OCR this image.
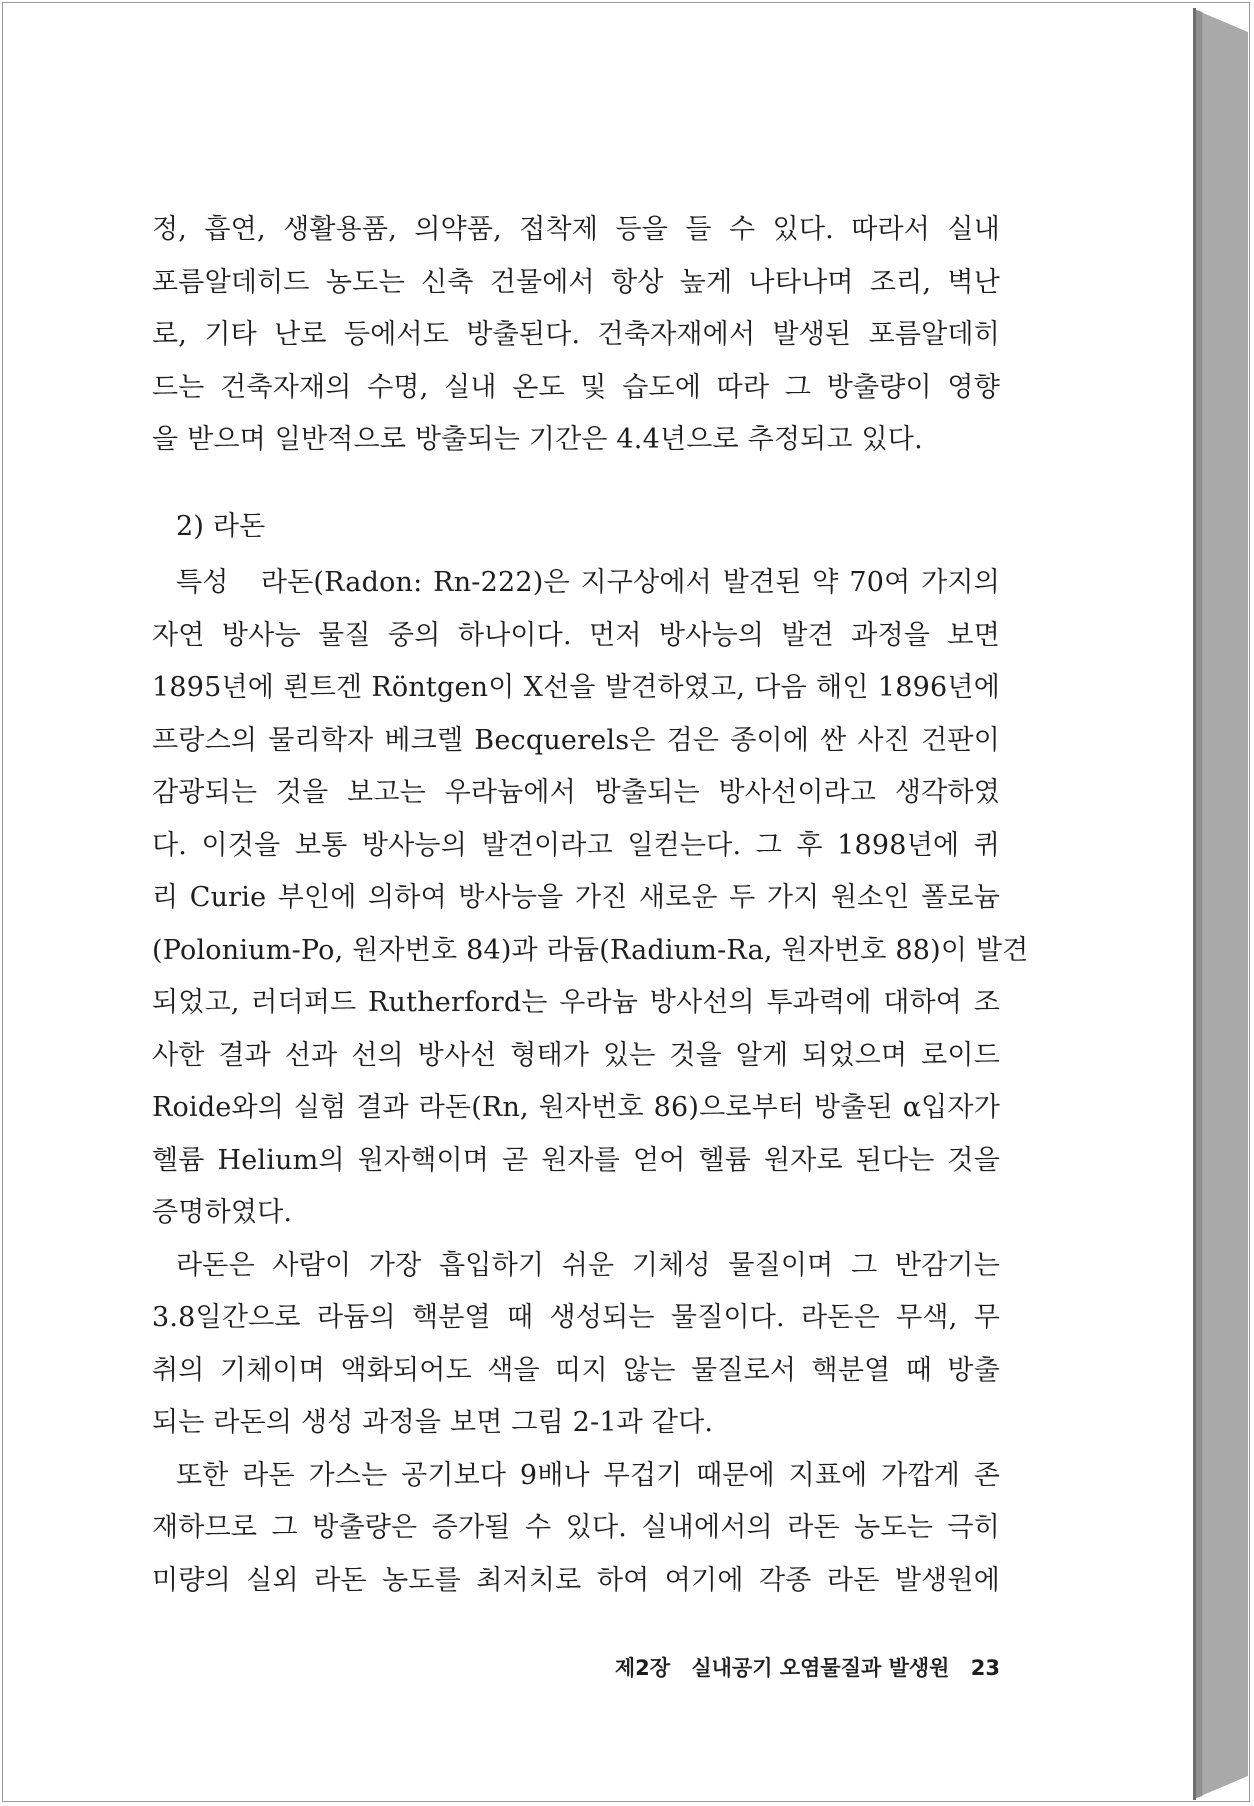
정, 흡연, 생활용품, 의약품, 접착제 등을 들 수 있다. 따라서 실내
포름알데히드 농도는 신축 건물에서 항상 높게 나타나며 조리, 벽난
로, 기타 난로 등에서도 방출된다. 건축자재에서 발생된 포름알데히
드는 건축자재의 수명, 실내 온도 및 습도에 따라 그 방출량이 영향
을 받으며 일반적으로 방출되는 기간은 4.4년으로 추정되고 있다.
2) 라돈
특성   라돈(Radon: Rn-222)은 지구상에서 발견된 약 70여 가지의
자연 방사능 물질 중의 하나이다. 먼저 방사능의 발견 과정을 보면
1895년에 뢴트겐 Röntgen이 X선을 발견하였고, 다음 해인 1896년에
프랑스의 물리학자 베크렐 Becquerels은 검은 종이에 싼 사진 건판이
감광되는 것을 보고는 우라늄에서 방출되는 방사선이라고 생각하였
다. 이것을 보통 방사능의 발견이라고 일컫는다. 그 후 1898년에 퀴
리 Curie 부인에 의하여 방사능을 가진 새로운 두 가지 원소인 폴로늄
(Polonium-Po, 원자번호 84)과 라듐(Radium-Ra, 원자번호 88)이 발견
되었고, 러더퍼드 Rutherford는 우라늄 방사선의 투과력에 대하여 조
사한 결과 선과 선의 방사선 형태가 있는 것을 알게 되었으며 로이드
Roide와의 실험 결과 라돈(Rn, 원자번호 86)으로부터 방출된 α입자가
헬륨 Helium의 원자핵이며 곧 원자를 얻어 헬륨 원자로 된다는 것을
증명하였다.
라돈은 사람이 가장 흡입하기 쉬운 기체성 물질이며 그 반감기는
3.8일간으로 라듐의 핵분열 때 생성되는 물질이다. 라돈은 무색, 무
취의 기체이며 액화되어도 색을 띠지 않는 물질로서 핵분열 때 방출
되는 라돈의 생성 과정을 보면 그림 2-1과 같다.
또한 라돈 가스는 공기보다 9배나 무겁기 때문에 지표에 가깝게 존
재하므로 그 방출량은 증가될 수 있다. 실내에서의 라돈 농도는 극히
미량의 실외 라돈 농도를 최저치로 하여 여기에 각종 라돈 발생원에
제2장 실내공기 오염물질과 발생원 23
